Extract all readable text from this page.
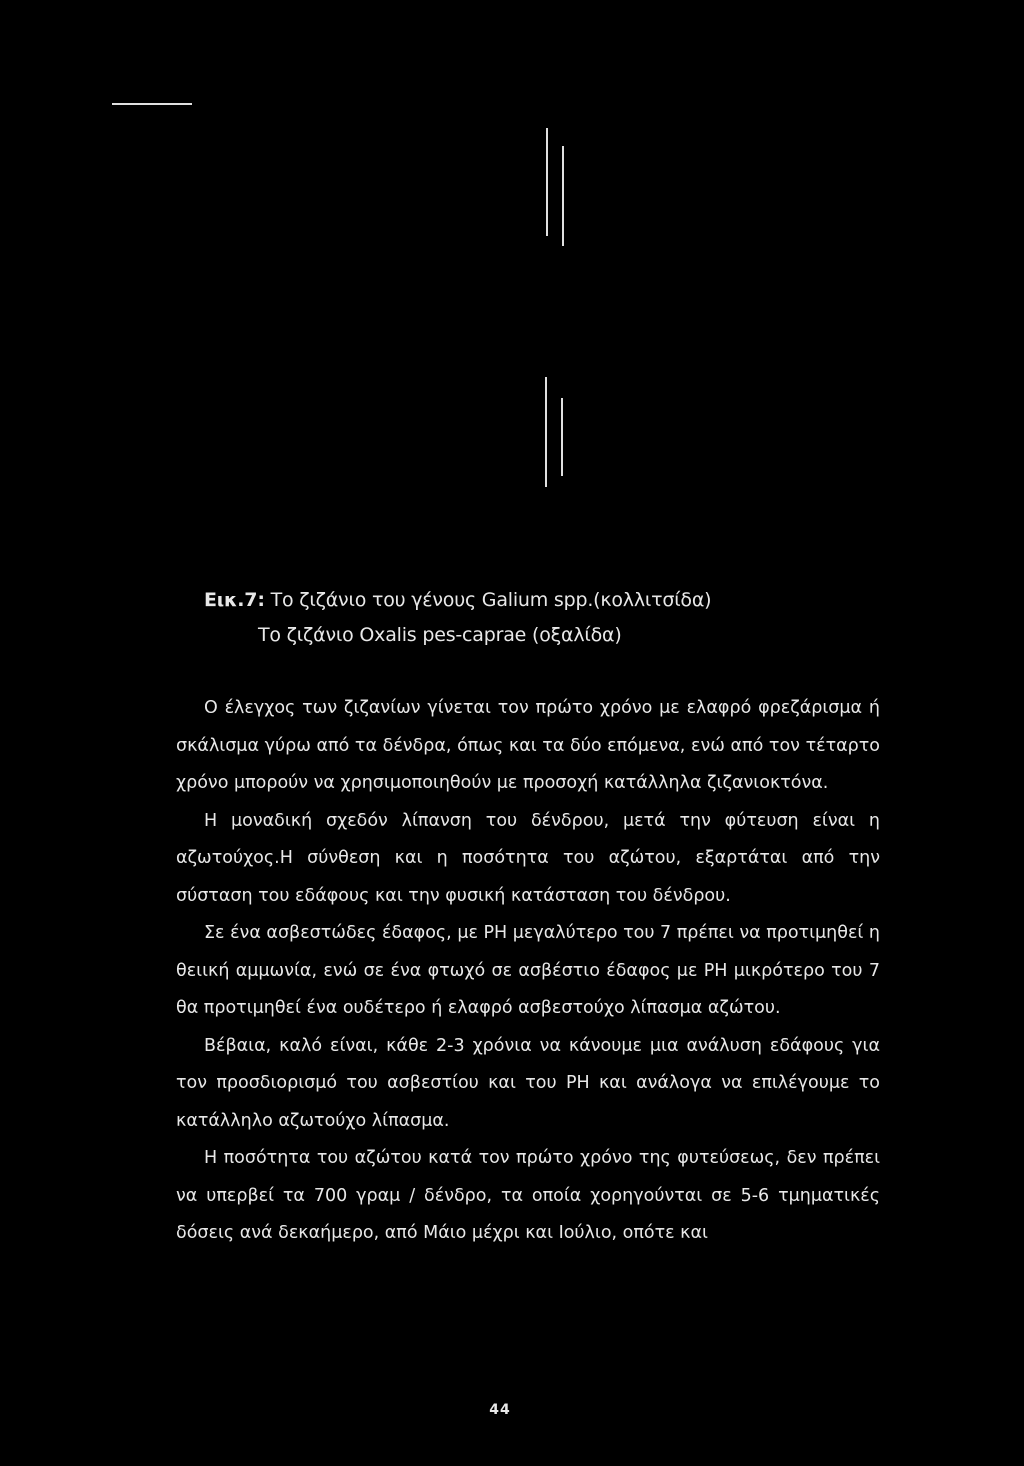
Εικ.7: Το ζιζάνιο του γένους Galium spp.(κολλιτσίδα)
Το ζιζάνιο Oxalis pes-caprae (οξαλίδα)

Ο έλεγχος των ζιζανίων γίνεται τον πρώτο χρόνο με ελαφρό φρεζάρισμα ή σκάλισμα γύρω από τα δένδρα, όπως και τα δύο επόμενα, ενώ από τον τέταρτο χρόνο μπορούν να χρησιμοποιηθούν με προσοχή κατάλληλα ζιζανιοκτόνα.

Η μοναδική σχεδόν λίπανση του δένδρου, μετά την φύτευση είναι η αζωτούχος.Η σύνθεση και η ποσότητα του αζώτου, εξαρτάται από την σύσταση του εδάφους και την φυσική κατάσταση του δένδρου.

Σε ένα ασβεστώδες έδαφος, με PH μεγαλύτερο του 7 πρέπει να προτιμηθεί η θειική αμμωνία, ενώ σε ένα φτωχό σε ασβέστιο έδαφος με PH μικρότερο του 7 θα προτιμηθεί ένα ουδέτερο ή ελαφρό ασβεστούχο λίπασμα αζώτου.

Βέβαια, καλό είναι, κάθε 2-3 χρόνια να κάνουμε μια ανάλυση εδάφους για τον προσδιορισμό του ασβεστίου και του PH και ανάλογα να επιλέγουμε το κατάλληλο αζωτούχο λίπασμα.

Η ποσότητα του αζώτου κατά τον πρώτο χρόνο της φυτεύσεως, δεν πρέπει να υπερβεί τα 700 γραμ / δένδρο, τα οποία χορηγούνται σε 5-6 τμηματικές δόσεις ανά δεκαήμερο, από Μάιο μέχρι και Ιούλιο, οπότε και

44
